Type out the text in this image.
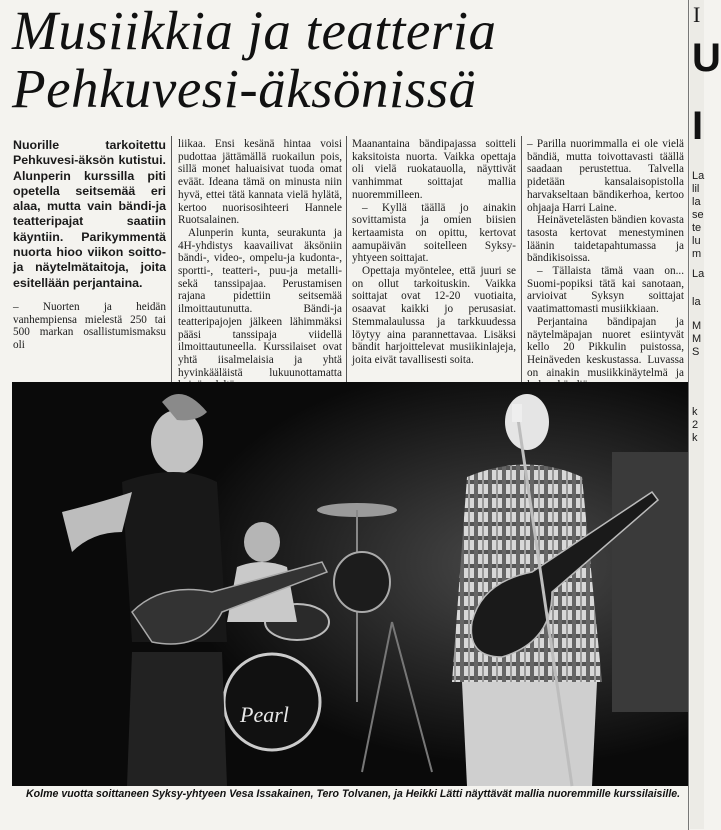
Musiikkia ja teatteria
Pehkuvesi-äksönissä
Nuorille tarkoitettu Pehkuvesi-äksön kutistui. Alunperin kurssilla piti opetella seitsemää eri alaa, mutta vain bändi-ja teatteripajat saatiin käyntiin. Parikymmentä nuorta hioo viikon soitto-ja näytelmätaitoja, joita esitellään perjantaina.

– Nuorten ja heidän vanhempiensa mielestä 250 tai 500 markan osallistumismaksu oli

liikaa. Ensi kesänä hintaa voisi pudottaa jättämällä ruokailun pois, sillä monet haluaisivat tuoda omat eväät. Ideana tämä on minusta niin hyvä, ettei tätä kannata vielä hylätä, kertoo nuorisosihteeri Hannele Ruotsalainen.

Alunperin kunta, seurakunta ja 4H-yhdistys kaavailivat äksöniin bändi-, video-, ompelu-ja kudonta-, sportti-, teatteri-, puu-ja metalli-sekä tanssipajaa. Perustamisen rajana pidettiin seitsemää ilmoittautunutta. Bändi-ja teatteripajojen jälkeen lähimmäksi pääsi tanssipaja viidellä ilmoittautuneella. Kurssilaiset ovat yhtä iisalmelaisia ja yhtä hyvinkääläistä lukuunottamatta

Maanantaina bändipajassa soitteli kaksitoista nuorta. Vaikka opettaja oli vielä ruokatauolla, näyttivät vanhimmat soittajat mallia nuoremmilleen.

– Kyllä täällä jo ainakin sovittamista ja omien biisien kertaamista on opittu, kertovat aamupäivän soitelleen Syksy-yhtyeen soittajat.

Opettaja myöntelee, että juuri se on ollut tarkoituskin. Vaikka soittajat ovat 12-20 vuotiaita, osaavat kaikki jo perusasiat. Stemmalaulussa ja tarkkuudessa löytyy aina parannettavaa. Lisäksi bändit harjoittelevat musiikinlajeja, joita eivät tavallisesti soita.

– Parilla nuorimmalla ei ole vielä bändiä, mutta toivottavasti täällä saadaan perustettua. Talvella pidetään kansalaisopistolla harvakseltaan bändikerhoa, kertoo ohjaaja Harri Laine.

Heinävetelästen bändien kovasta tasosta kertovat menestyminen läänin taidetapahtumassa ja bändikisoissa.

– Tällaista tämä vaan on... Suomi-popiksi tätä kai sanotaan, arvioivat Syksyn soittajat vaatimattomasti musiikkiaan.

Perjantaina bändipajan ja näytelmäpajan nuoret esiintyvät kello 20 Pikkulin puistossa, Heinäveden keskustassa. Luvassa on ainakin musiikkinäytelmä ja

Pearl
Kolme vuotta soittaneen Syksy-yhtyeen Vesa Issakainen, Tero Tolvanen, ja Heikki Lätti näyttävät mallia nuoremmille kurssilaisille.
I
U
I
La
lil
la
se
te
lu
m
La
la
M
M
S
k
2
k
